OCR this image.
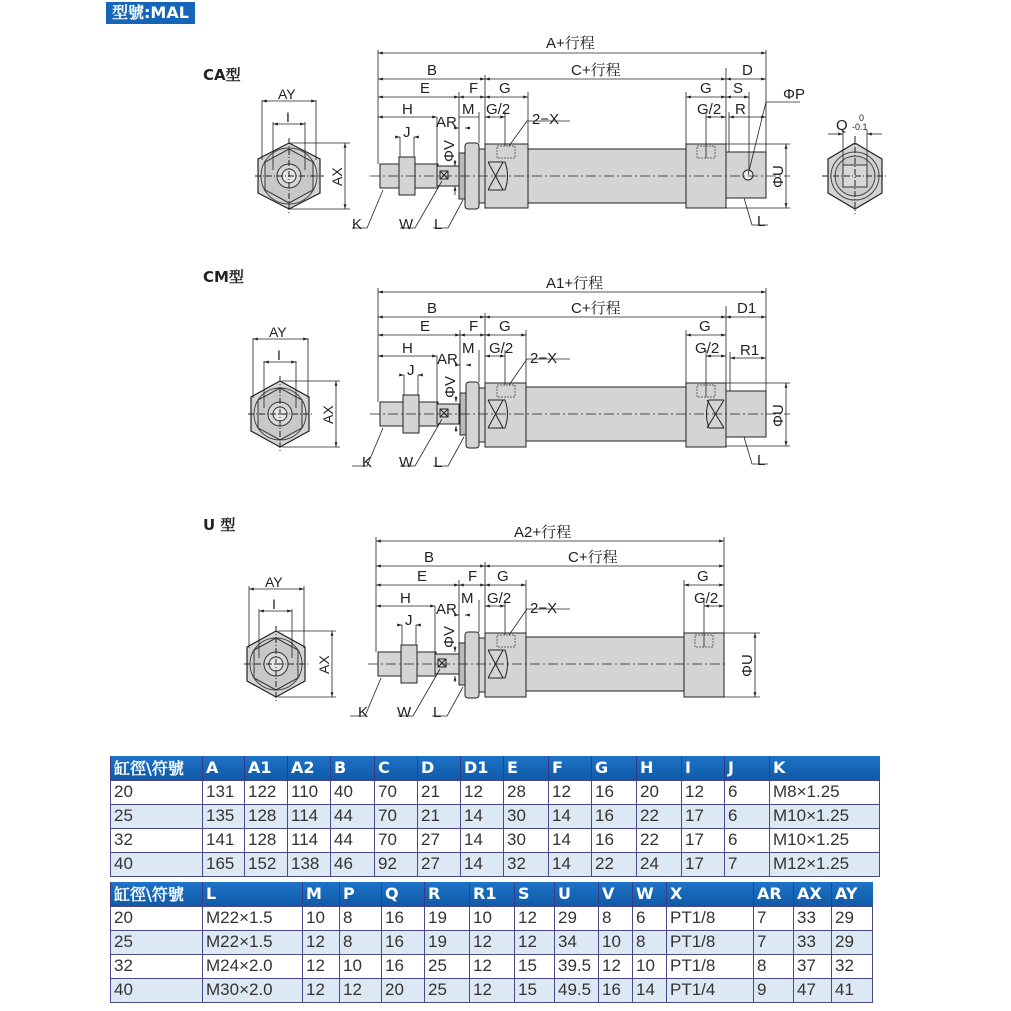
型號:MAL
CA型
CM型
U 型
AY
I
AX
A+行程
B	C+行程	D
E	F G
H	M G/2
AR
J
ΦV
2−X
G S
G/2 R
ΦP
ΦU
K W L	L
Q 0
-0.1
AY
I
AX
A1+行程
B	C+行程	D1
E	F G
H	M G/2
AR
J
ΦV
2−X
G
G/2 R1
ΦU
K W L	L
AY
I
AX
A2+行程
B	C+行程
E	F G
H	M G/2
AR
J
ΦV
2−X
G
G/2
ΦU
K W L
缸徑\符號	A	A1	A2	B	C	D	D1	E	F	G	H	I	J	K
20	131	122	110	40	70	21	12	28	12	16	20	12	6	M8×1.25
25	135	128	114	44	70	21	14	30	14	16	22	17	6	M10×1.25
32	141	128	114	44	70	27	14	30	14	16	22	17	6	M10×1.25
40	165	152	138	46	92	27	14	32	14	22	24	17	7	M12×1.25
缸徑\符號	L	M	P	Q	R	R1	S	U	V	W	X	AR	AX	AY
20	M22×1.5	10	8	16	19	10	12	29	8	6	PT1/8	7	33	29
25	M22×1.5	12	8	16	19	12	12	34	10	8	PT1/8	7	33	29
32	M24×2.0	12	10	16	25	12	15	39.5	12	10	PT1/8	8	37	32
40	M30×2.0	12	12	20	25	12	15	49.5	16	14	PT1/4	9	47	41
